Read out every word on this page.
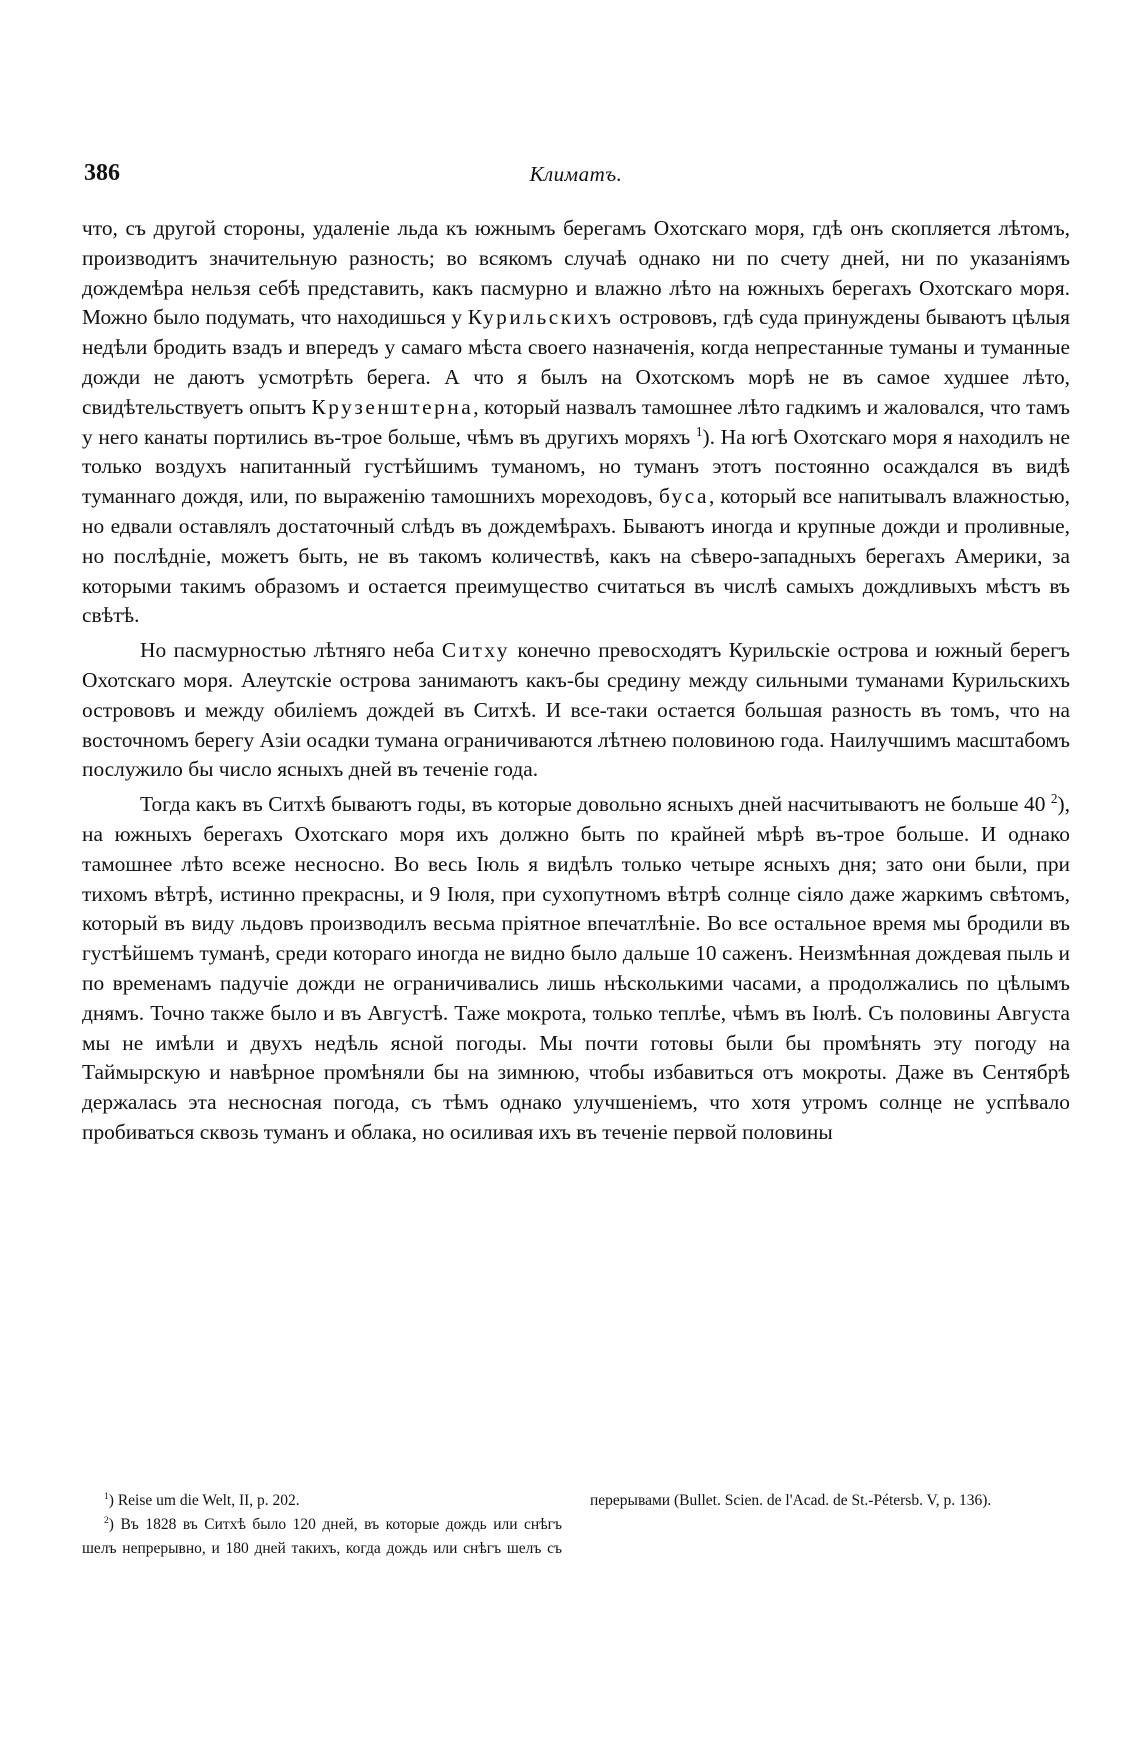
386	Климатъ.

что, съ другой стороны, удаленіе льда къ южнымъ берегамъ Охотскаго моря, гдѣ онъ скопляется лѣтомъ, производитъ значительную разность; во всякомъ случаѣ однако ни по счету дней, ни по указаніямъ дождемѣра нельзя себѣ представить, какъ пасмурно и влажно лѣто на южныхъ берегахъ Охотскаго моря. Можно было подумать, что находишься у Курильскихъ острововъ, гдѣ суда принуждены бываютъ цѣлыя недѣли бродить взадъ и впередъ у самаго мѣста своего назначенія, когда непрестанные туманы и туманные дожди не даютъ усмотрѣть берега. А что я былъ на Охотскомъ морѣ не въ самое худшее лѣто, свидѣтельствуетъ опытъ Крузенштерна, который назвалъ тамошнее лѣто гадкимъ и жаловался, что тамъ у него канаты портились въ-трое больше, чѣмъ въ другихъ моряхъ $^1$). На югѣ Охотскаго моря я находилъ не только воздухъ напитанный густѣйшимъ туманомъ, но туманъ этотъ постоянно осаждался въ видѣ туманнаго дождя, или, по выраженію тамошнихъ мореходовъ, буса, который все напитывалъ влажностью, но едвали оставлялъ достаточный слѣдъ въ дождемѣрахъ. Бываютъ иногда и крупные дожди и проливные, но послѣдніе, можетъ быть, не въ такомъ количествѣ, какъ на сѣверо-западныхъ берегахъ Америки, за которыми такимъ образомъ и остается преимущество считаться въ числѣ самыхъ дождливыхъ мѣстъ въ свѣтѣ.

Но пасмурностью лѣтняго неба Ситху конечно превосходятъ Курильскіе острова и южный берегъ Охотскаго моря. Алеутскіе острова занимаютъ какъ-бы средину между сильными туманами Курильскихъ острововъ и между обиліемъ дождей въ Ситхѣ. И все-таки остается большая разность въ томъ, что на восточномъ берегу Азіи осадки тумана ограничиваются лѣтнею половиною года. Наилучшимъ масштабомъ послужило бы число ясныхъ дней въ теченіе года.

Тогда какъ въ Ситхѣ бываютъ годы, въ которые довольно ясныхъ дней насчитываютъ не больше 40 $^2$), на южныхъ берегахъ Охотскаго моря ихъ должно быть по крайней мѣрѣ въ-трое больше. И однако тамошнее лѣто всеже несносно. Во весь Іюль я видѣлъ только четыре ясныхъ дня; зато они были, при тихомъ вѣтрѣ, истинно прекрасны, и 9 Іюля, при сухопутномъ вѣтрѣ солнце сіяло даже жаркимъ свѣтомъ, который въ виду льдовъ производилъ весьма пріятное впечатлѣніе. Во все остальное время мы бродили въ густѣйшемъ туманѣ, среди котораго иногда не видно было дальше 10 саженъ. Неизмѣнная дождевая пыль и по временамъ падучіе дожди не ограничивались лишь нѣсколькими часами, а продолжались по цѣлымъ днямъ. Точно также было и въ Августѣ. Таже мокрота, только теплѣе, чѣмъ въ Іюлѣ. Съ половины Августа мы не имѣли и двухъ недѣль ясной погоды. Мы почти готовы были бы промѣнять эту погоду на Таймырскую и навѣрное промѣняли бы на зимнюю, чтобы избавиться отъ мокроты. Даже въ Сентябрѣ держалась эта несносная погода, съ тѣмъ однако улучшеніемъ, что хотя утромъ солнце не успѣвало пробиваться сквозь туманъ и облака, но осиливая ихъ въ теченіе первой половины

$^1$) Reise um die Welt, II, p. 202.

$^2$) Въ 1828 въ Ситхѣ было 120 дней, въ которые дождь или снѣгъ шелъ непрерывно, и 180 дней такихъ, когда дождь или снѣгъ шелъ съ перерывами (Bullet. Scien. de l'Acad. de St.-Pétersb. V, p. 136).
